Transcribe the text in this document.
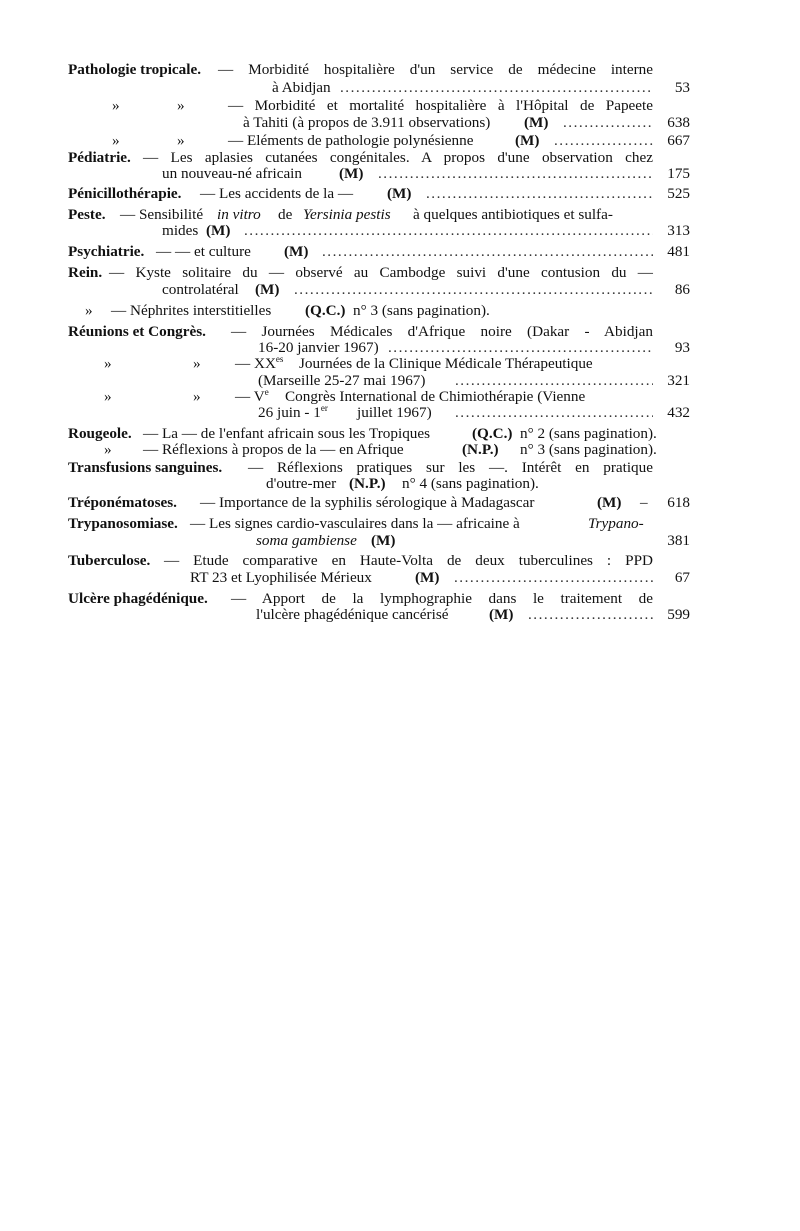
Pathologie tropicale. — Morbidité hospitalière d'un service de médecine interne
à Abidjan .....	53
»	»	— Morbidité et mortalité hospitalière à l'Hôpital de Papeete
à Tahiti (à propos de 3.911 observations) (M) .....	638
»	»	— Eléments de pathologie polynésienne	(M) .....	667
Pédiatrie. — Les aplasies cutanées congénitales. A propos d'une observation chez
un nouveau-né africain (M) .....	175
Pénicillothérapie. — Les accidents de la — (M) .....	525
Peste. — Sensibilité in vitro de Yersinia pestis à quelques antibiotiques et sulfa-
mides (M) .....	313
Psychiatrie. — — et culture (M) .....	481
Rein. — Kyste solitaire du — observé au Cambodge suivi d'une contusion du —
controlatéral (M) .....	86
» — Néphrites interstitielles (Q.C.) n° 3 (sans pagination).
Réunions et Congrès. — Journées Médicales d'Afrique noire (Dakar - Abidjan
16-20 janvier 1967) .....	93
»	» — $XX^{es}$ Journées de la Clinique Médicale Thérapeutique
(Marseille 25-27 mai 1967) .....	321
»	» — Ve Congrès International de Chimiothérapie (Vienne
26 juin - 1er juillet 1967) .....	432
Rougeole. — La — de l'enfant africain sous les Tropiques	(Q.C.) n° 2 (sans pagination).
» — Réflexions à propos de la — en Afrique	(N.P.) n° 3 (sans pagination).
Transfusions sanguines. — Réflexions pratiques sur les —. Intérêt en pratique
d'outre-mer (N.P.) n° 4 (sans pagination).
Tréponématoses. — Importance de la syphilis sérologique à Madagascar	(M) –	618
Trypanosomiase. — Les signes cardio-vasculaires dans la — africaine à	Trypano-
soma gambiense (M)	381
Tuberculose. — Etude comparative en Haute-Volta de deux tuberculines : PPD
RT 23 et Lyophilisée Mérieux	(M) .....	67
Ulcère phagédénique. — Apport de la lymphographie dans le traitement de
l'ulcère phagédénique cancérisé	(M) .....	599
